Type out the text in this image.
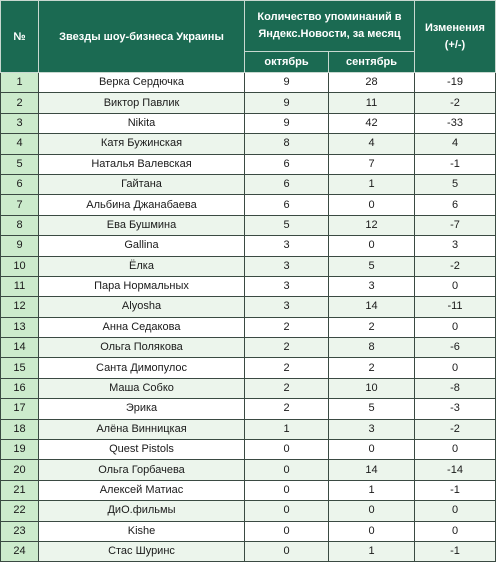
№	Звезды шоу-бизнеса Украины	Количество упоминаний в Яндекс.Новости, за месяц		Изменения (+/-)
		октябрь	сентябрь	
1	Верка Сердючка	9	28	-19
2	Виктор Павлик	9	11	-2
3	Nikita	9	42	-33
4	Катя Бужинская	8	4	4
5	Наталья Валевская	6	7	-1
6	Гайтана	6	1	5
7	Альбина Джанабаева	6	0	6
8	Ева Бушмина	5	12	-7
9	Gallina	3	0	3
10	Ёлка	3	5	-2
11	Пара Нормальных	3	3	0
12	Alyosha	3	14	-11
13	Анна Седакова	2	2	0
14	Ольга Полякова	2	8	-6
15	Санта Димопулос	2	2	0
16	Маша Собко	2	10	-8
17	Эрика	2	5	-3
18	Алёна Винницкая	1	3	-2
19	Quest Pistols	0	0	0
20	Ольга Горбачева	0	14	-14
21	Алексей Матиас	0	1	-1
22	ДиО.фильмы	0	0	0
23	Kishe	0	0	0
24	Стас Шуринс	0	1	-1
